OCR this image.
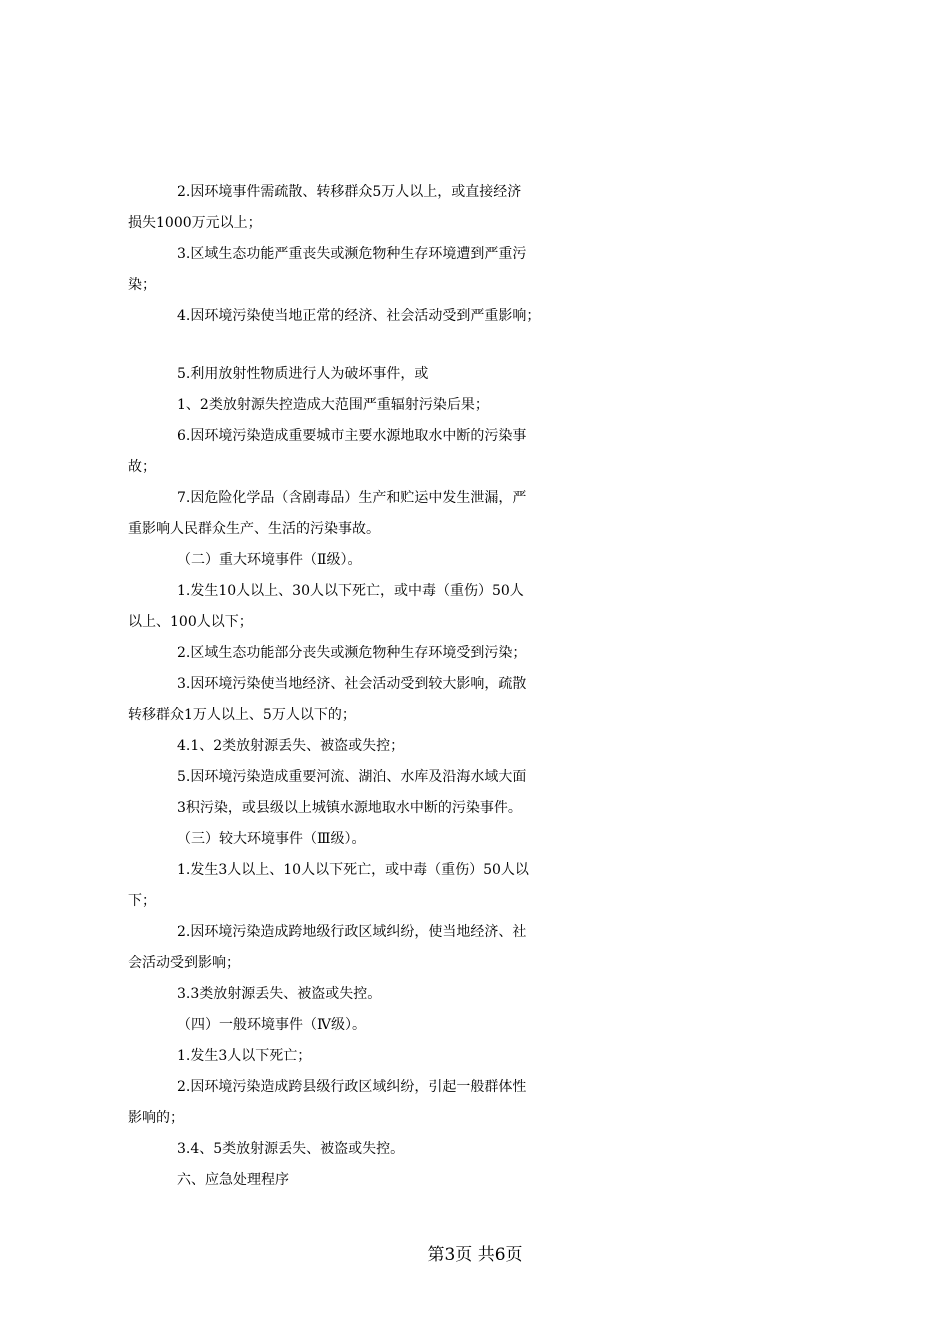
2.因环境事件需疏散、转移群众5万人以上，或直接经济
损失1000万元以上；
3.区域生态功能严重丧失或濒危物种生存环境遭到严重污
染；
4.因环境污染使当地正常的经济、社会活动受到严重影响；
5.利用放射性物质进行人为破坏事件，或
1、2类放射源失控造成大范围严重辐射污染后果；
6.因环境污染造成重要城市主要水源地取水中断的污染事
故；
7.因危险化学品（含剧毒品）生产和贮运中发生泄漏，严
重影响人民群众生产、生活的污染事故。
（二）重大环境事件（Ⅱ级）。
1.发生10人以上、30人以下死亡，或中毒（重伤）50人
以上、100人以下；
2.区域生态功能部分丧失或濒危物种生存环境受到污染；
3.因环境污染使当地经济、社会活动受到较大影响，疏散
转移群众1万人以上、5万人以下的；
4.1、2类放射源丢失、被盗或失控；
5.因环境污染造成重要河流、湖泊、水库及沿海水域大面
3积污染，或县级以上城镇水源地取水中断的污染事件。
（三）较大环境事件（Ⅲ级）。
1.发生3人以上、10人以下死亡，或中毒（重伤）50人以
下；
2.因环境污染造成跨地级行政区域纠纷，使当地经济、社
会活动受到影响；
3.3类放射源丢失、被盗或失控。
（四）一般环境事件（Ⅳ级）。
1.发生3人以下死亡；
2.因环境污染造成跨县级行政区域纠纷，引起一般群体性
影响的；
3.4、5类放射源丢失、被盗或失控。
六、应急处理程序
第3页 共6页
